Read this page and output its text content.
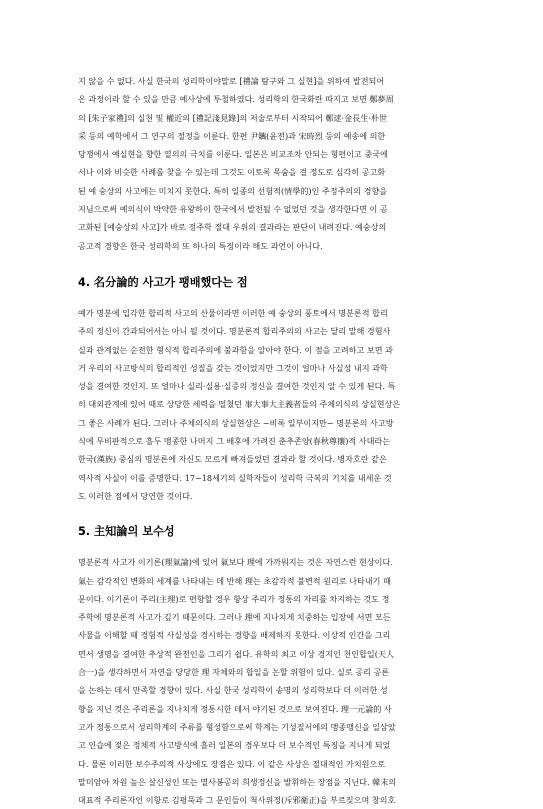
지 않을 수 없다. 사실 한국의 성리학이야말로 [禮論 탐구와 그 실현]을 위하여 발전되어
온 과정이라 할 수 있을 만큼 예사상에 투철하였다. 성리학의 한국화란 따지고 보면 鄭夢周
의 [朱子家禮]의 실천 및 權近의 [禮記淺見錄]의 저술로부터 시작되어 鄭逑·金長生·朴世
采 등의 예학에서 그 연구의 절정을 이룬다. 한편 尹鑴(윤전)과 宋時烈 등의 예송에 의한
당쟁에서 예실현을 향한 열의의 극치를 이룬다. 일본은 비교조차 안되는 형편이고 중국에
서나 이와 비슷한 사례를 찾을 수 있는데 그것도 이토록 목숨을 걸 정도로 심각히 공고화
된 예 숭상의 사고에는 미치지 못한다. 특히 일종의 선험적(情學的)인 주정주의의 경향을
지님으로써 예의식이 박약한 유왕하이 한국에서 발전될 수 없었던 것을 생각한다면 이 공
고화된 [예숭상의 사고]가 바로 정주학 절대 우위의 결과라는 판단이 내려진다. 예숭상의
공고적 경향은 한국 성리학의 또 하나의 특징이라 해도 과언이 아니다.
4. 名分論的 사고가 팽배했다는 점
예가 명분에 입각한 합리적 사고의 산물이라면 이러한 예 숭상의 풍토에서 명분론적 합리
주의 정신이 간과되어서는 아니 될 것이다. 명분론적 합리주의의 사고는 달리 말해 경험사
실과 관계없는 순전한 형식적 합리주의에 불과함을 알아야 한다. 이 점을 고려하고 보면 과
거 우리의 사고방식의 합리적인 성질을 갖는 것이었지만 그것이 얼마나 사실성 내지 과학
성을 결여한 것인지. 또 얼마나 실리·실용·실증의 정신을 결여한 것인지 알 수 있게 된다. 특
히 대외관계에 있어 때로 상당한 세력을 떨쳤던 事大事大主義者들의 주체의식의 상실현상은
그 좋은 사례가 된다. 그러나 주체의식의 상실현상은 −비록 일부이지만− 명분론의 사고방
식에 무비판적으로 흘두 맹종한 나머지 그 배후에 가려진 춘추존양(春秋尊攘)적 사대라는
한국(漢族) 중심의 명분론에 자신도 모르게 빠져들었던 결과라 할 것이다. 병자호란 같은
역사적 사실이 이를 증명한다. 17~18세기의 실학자들이 성리학 극복의 기치를 내세운 것
도 이러한 점에서 당연한 것이다.
5. 主知論의 보수성
명분론적 사고가 이기론(理氣論)에 있어 氣보다 理에 가까워지는 것은 자연스런 현상이다.
氣는 감각적인 변화의 세계를 나타내는 데 반해 理는 초감각적 불변적 원리로 나타내기 때
문이다. 이기론이 주리(主理)로 편향할 경우 항상 주리가 정통의 자리를 차지하는 것도 정
주학에 명분론적 사고가 깊기 때문이다. 그러나 理에 지나치게 치중하는 입장에 서면 모든
사물을 이해할 때 경험적 사실성을 경시하는 경향을 배제하지 못한다. 이상적 인간을 그리
면서 생명을 결여한 추상적 완전인을 그리기 쉽다. 유학의 최고 이상 경지인 천인합일(天人
合一)을 생각하면서 자연을 당당한 理 자체와의 합일을 논할 위험이 있다. 실로 공리 공론
을 논하는 데서 만족할 경향이 있다. 사실 한국 성리학이 송명의 성리학보다 더 이러한 성
향을 지닌 것은 주리론을 지나치게 정통시한 데서 야기된 것으로 보여진다. 理一元論的 사
고가 정통으로서 성리학계의 주류를 형성함으로써 학계는 기성질서에의 맹종맹신을 일삼았
고 인습에 젖은 정체적 사고방식에 흘러 일본의 경우보다 더 보수적인 특징을 지니게 되었
다. 물론 이러한 보수주의적 사상에도 장점은 있다. 이 같은 사상은 절대적인 가치원으로
말미암아 차원 높은 살신성인 또는 멸사봉공의 희생정신을 발휘하는 장점을 지닌다. 韓末의
대표적 주리론자인 이항로 김평묵과 그 문인들이 척사위정(斥邪衛正)을 부르짖으며 창의호
